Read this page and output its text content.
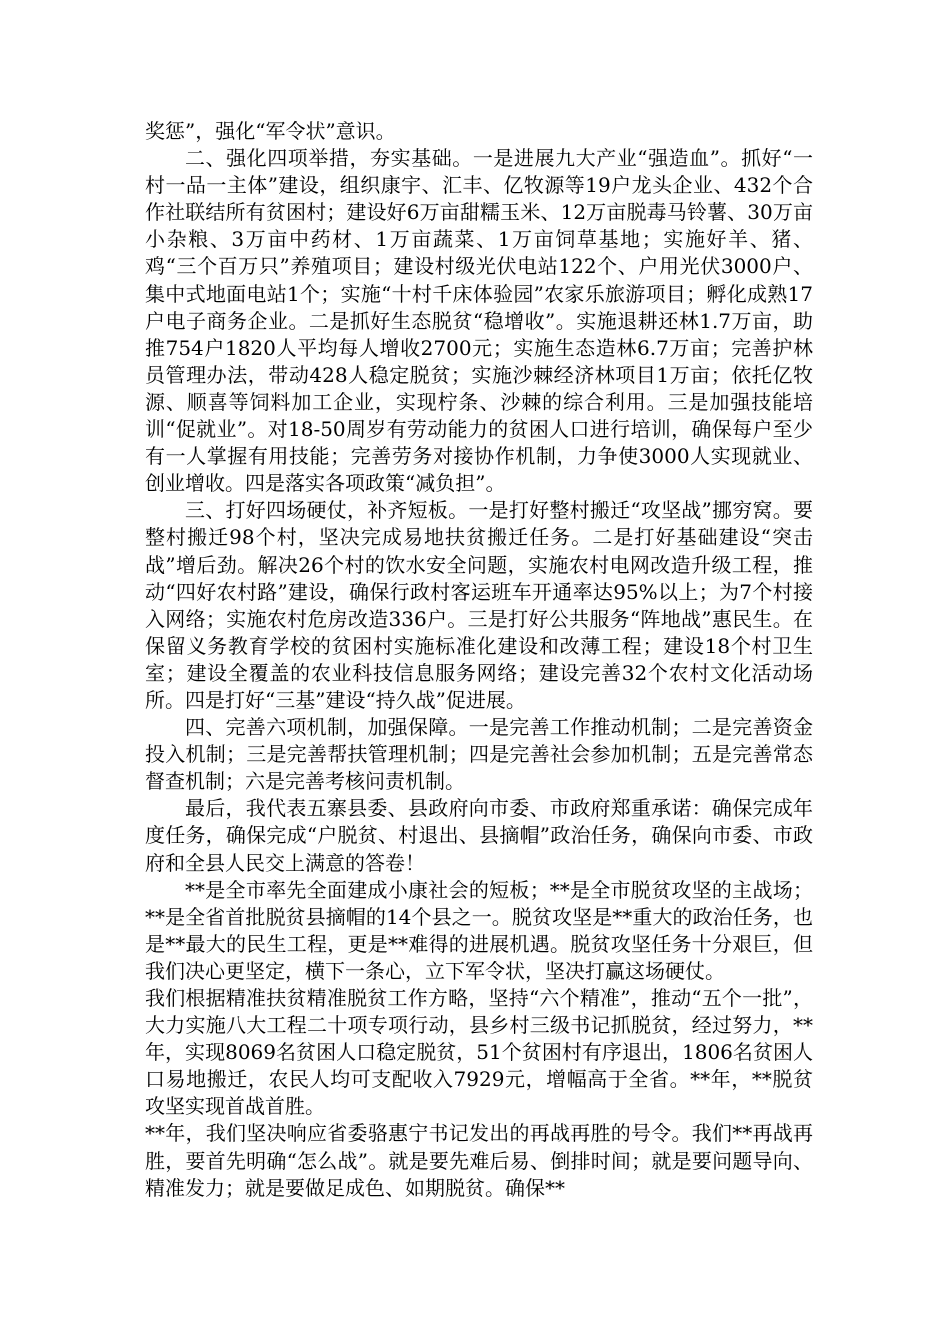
奖惩”，强化“军令状”意识。

二、强化四项举措，夯实基础。一是进展九大产业“强造血”。抓好“一村一品一主体”建设，组织康宇、汇丰、亿牧源等19户龙头企业、432个合作社联结所有贫困村；建设好6万亩甜糯玉米、12万亩脱毒马铃薯、30万亩小杂粮、3万亩中药材、1万亩蔬菜、1万亩饲草基地；实施好羊、猪、鸡“三个百万只”养殖项目；建设村级光伏电站122个、户用光伏3000户、集中式地面电站1个；实施“十村千床体验园”农家乐旅游项目；孵化成熟17户电子商务企业。二是抓好生态脱贫“稳增收”。实施退耕还林1.7万亩，助推754户1820人平均每人增收2700元；实施生态造林6.7万亩；完善护林员管理办法，带动428人稳定脱贫；实施沙棘经济林项目1万亩；依托亿牧源、顺喜等饲料加工企业，实现柠条、沙棘的综合利用。三是加强技能培训“促就业”。对18-50周岁有劳动能力的贫困人口进行培训，确保每户至少有一人掌握有用技能；完善劳务对接协作机制，力争使3000人实现就业、创业增收。四是落实各项政策“减负担”。

三、打好四场硬仗，补齐短板。一是打好整村搬迁“攻坚战”挪穷窝。要整村搬迁98个村，坚决完成易地扶贫搬迁任务。二是打好基础建设“突击战”增后劲。解决26个村的饮水安全问题，实施农村电网改造升级工程，推动“四好农村路”建设，确保行政村客运班车开通率达95%以上；为7个村接入网络；实施农村危房改造336户。三是打好公共服务“阵地战”惠民生。在保留义务教育学校的贫困村实施标准化建设和改薄工程；建设18个村卫生室；建设全覆盖的农业科技信息服务网络；建设完善32个农村文化活动场所。四是打好“三基”建设“持久战”促进展。

四、完善六项机制，加强保障。一是完善工作推动机制；二是完善资金投入机制；三是完善帮扶管理机制；四是完善社会参加机制；五是完善常态督查机制；六是完善考核问责机制。

最后，我代表五寨县委、县政府向市委、市政府郑重承诺：确保完成年度任务，确保完成“户脱贫、村退出、县摘帽”政治任务，确保向市委、市政府和全县人民交上满意的答卷！

**是全市率先全面建成小康社会的短板；**是全市脱贫攻坚的主战场；**是全省首批脱贫县摘帽的14个县之一。脱贫攻坚是**重大的政治任务，也是**最大的民生工程，更是**难得的进展机遇。脱贫攻坚任务十分艰巨，但我们决心更坚定，横下一条心，立下军令状，坚决打赢这场硬仗。

我们根据精准扶贫精准脱贫工作方略，坚持“六个精准”，推动“五个一批”，大力实施八大工程二十项专项行动，县乡村三级书记抓脱贫，经过努力，**年，实现8069名贫困人口稳定脱贫，51个贫困村有序退出，1806名贫困人口易地搬迁，农民人均可支配收入7929元，增幅高于全省。**年，**脱贫攻坚实现首战首胜。

**年，我们坚决响应省委骆惠宁书记发出的再战再胜的号令。我们**再战再胜，要首先明确“怎么战”。就是要先难后易、倒排时间；就是要问题导向、精准发力；就是要做足成色、如期脱贫。确保**
